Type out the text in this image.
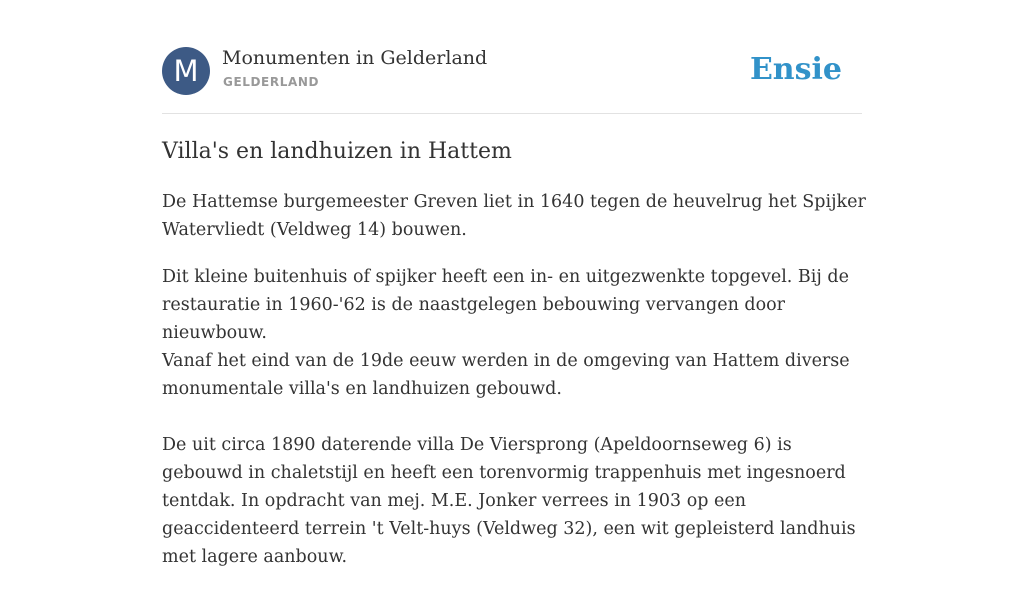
M	Monumenten in Gelderland
GELDERLAND	Ensie
Villa's en landhuizen in Hattem

De Hattemse burgemeester Greven liet in 1640 tegen de heuvelrug het Spijker Watervliedt (Veldweg 14) bouwen.

Dit kleine buitenhuis of spijker heeft een in- en uitgezwenkte topgevel. Bij de restauratie in 1960-'62 is de naastgelegen bebouwing vervangen door nieuwbouw.
Vanaf het eind van de 19de eeuw werden in de omgeving van Hattem diverse monumentale villa's en landhuizen gebouwd.

De uit circa 1890 daterende villa De Viersprong (Apeldoornseweg 6) is gebouwd in chaletstijl en heeft een torenvormig trappenhuis met ingesnoerd tentdak. In opdracht van mej. M.E. Jonker verrees in 1903 op een geaccidenteerd terrein 't Velt-huys (Veldweg 32), een wit gepleisterd landhuis met lagere aanbouw.
